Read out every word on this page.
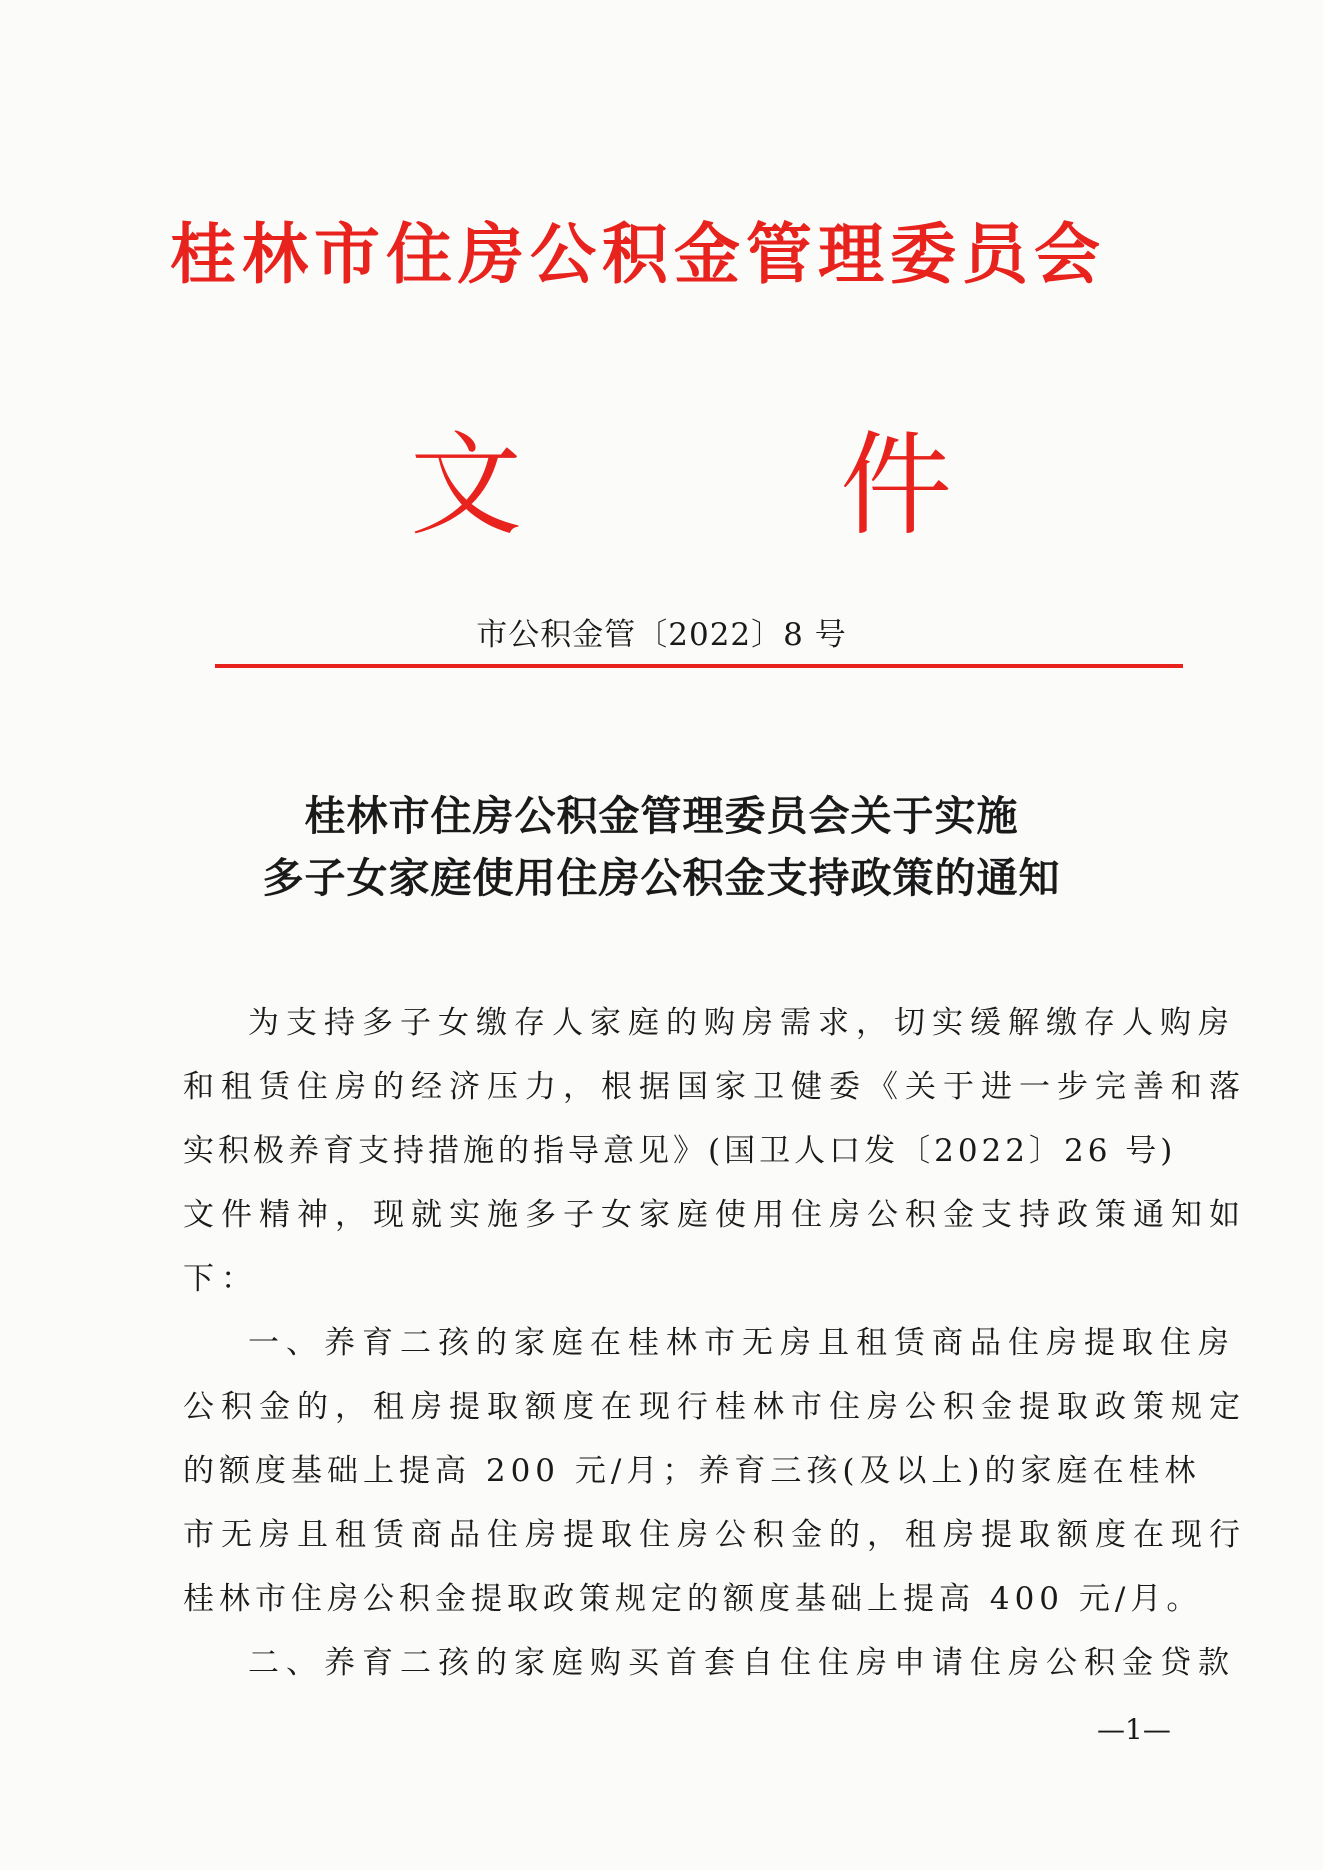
桂林市住房公积金管理委员会
文	件
市公积金管〔2022〕8 号
桂林市住房公积金管理委员会关于实施
多子女家庭使用住房公积金支持政策的通知
为支持多子女缴存人家庭的购房需求，切实缓解缴存人购房
和租赁住房的经济压力，根据国家卫健委《关于进一步完善和落
实积极养育支持措施的指导意见》(国卫人口发〔2022〕26 号)
文件精神，现就实施多子女家庭使用住房公积金支持政策通知如
下：
一、养育二孩的家庭在桂林市无房且租赁商品住房提取住房
公积金的，租房提取额度在现行桂林市住房公积金提取政策规定
的额度基础上提高 200 元/月；养育三孩(及以上)的家庭在桂林
市无房且租赁商品住房提取住房公积金的，租房提取额度在现行
桂林市住房公积金提取政策规定的额度基础上提高 400 元/月。
二、养育二孩的家庭购买首套自住住房申请住房公积金贷款
—1—
